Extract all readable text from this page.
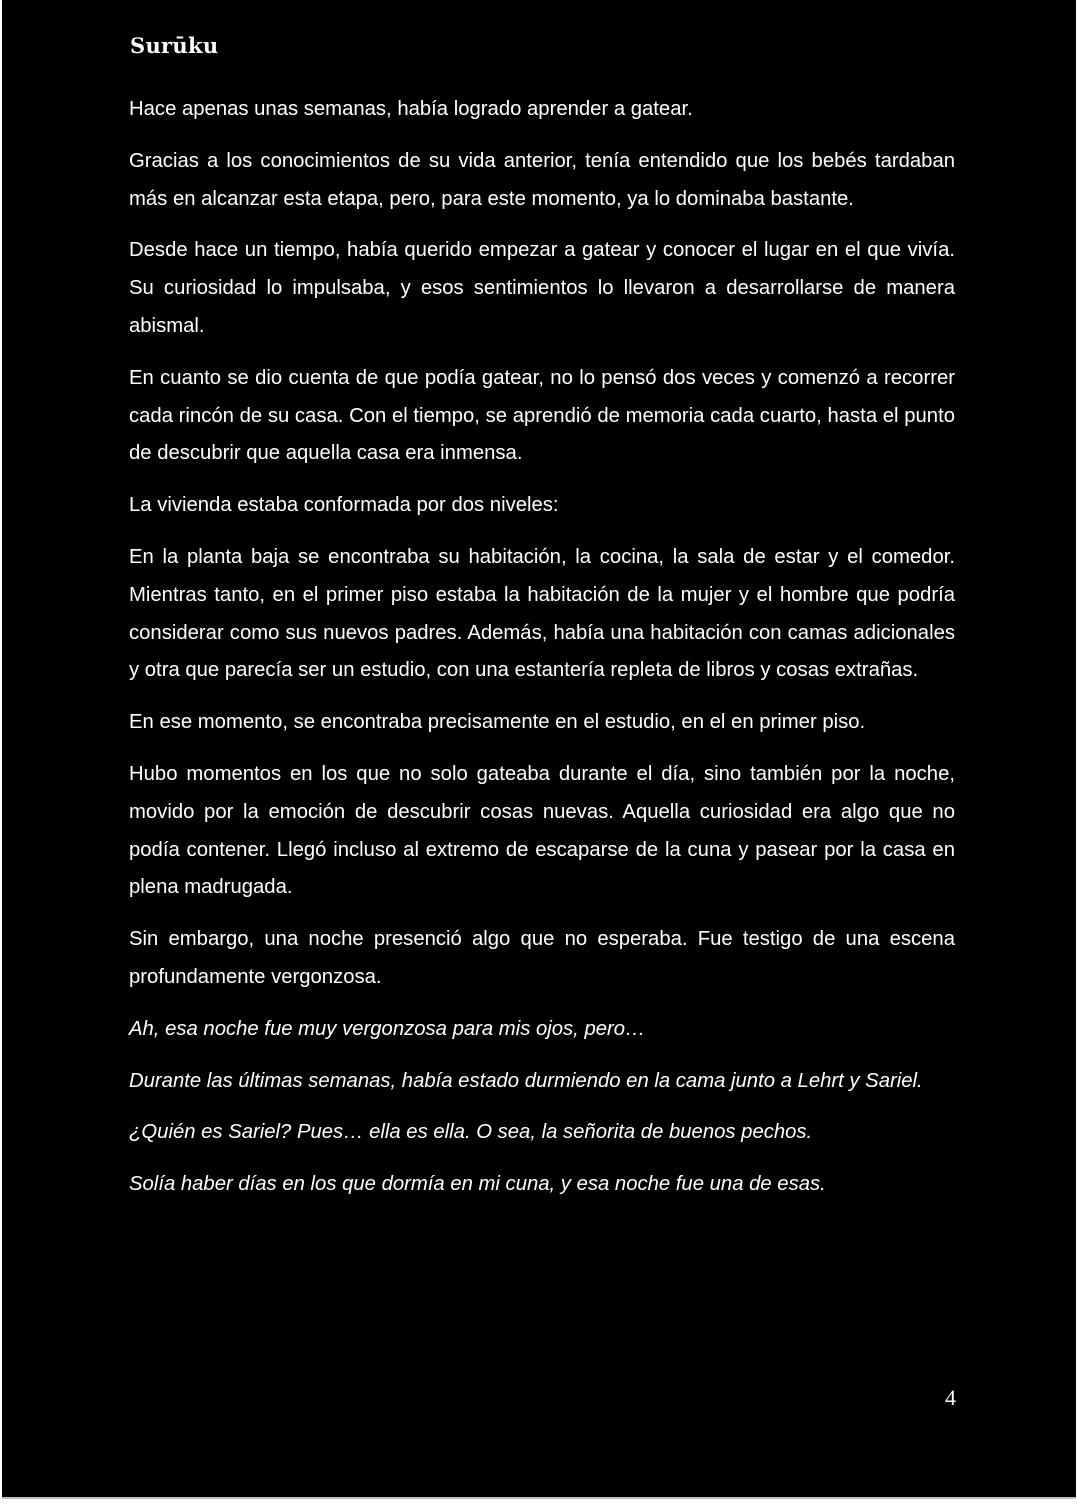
Surūku

Hace apenas unas semanas, había logrado aprender a gatear.

Gracias a los conocimientos de su vida anterior, tenía entendido que los bebés tardaban más en alcanzar esta etapa, pero, para este momento, ya lo dominaba bastante.

Desde hace un tiempo, había querido empezar a gatear y conocer el lugar en el que vivía. Su curiosidad lo impulsaba, y esos sentimientos lo llevaron a desarrollarse de manera abismal.

En cuanto se dio cuenta de que podía gatear, no lo pensó dos veces y comenzó a recorrer cada rincón de su casa. Con el tiempo, se aprendió de memoria cada cuarto, hasta el punto de descubrir que aquella casa era inmensa.

La vivienda estaba conformada por dos niveles:

En la planta baja se encontraba su habitación, la cocina, la sala de estar y el comedor. Mientras tanto, en el primer piso estaba la habitación de la mujer y el hombre que podría considerar como sus nuevos padres. Además, había una habitación con camas adicionales y otra que parecía ser un estudio, con una estantería repleta de libros y cosas extrañas.

En ese momento, se encontraba precisamente en el estudio, en el en primer piso.

Hubo momentos en los que no solo gateaba durante el día, sino también por la noche, movido por la emoción de descubrir cosas nuevas. Aquella curiosidad era algo que no podía contener. Llegó incluso al extremo de escaparse de la cuna y pasear por la casa en plena madrugada.

Sin embargo, una noche presenció algo que no esperaba. Fue testigo de una escena profundamente vergonzosa.

Ah, esa noche fue muy vergonzosa para mis ojos, pero…

Durante las últimas semanas, había estado durmiendo en la cama junto a Lehrt y Sariel.

¿Quién es Sariel? Pues… ella es ella. O sea, la señorita de buenos pechos.

Solía haber días en los que dormía en mi cuna, y esa noche fue una de esas.

4
